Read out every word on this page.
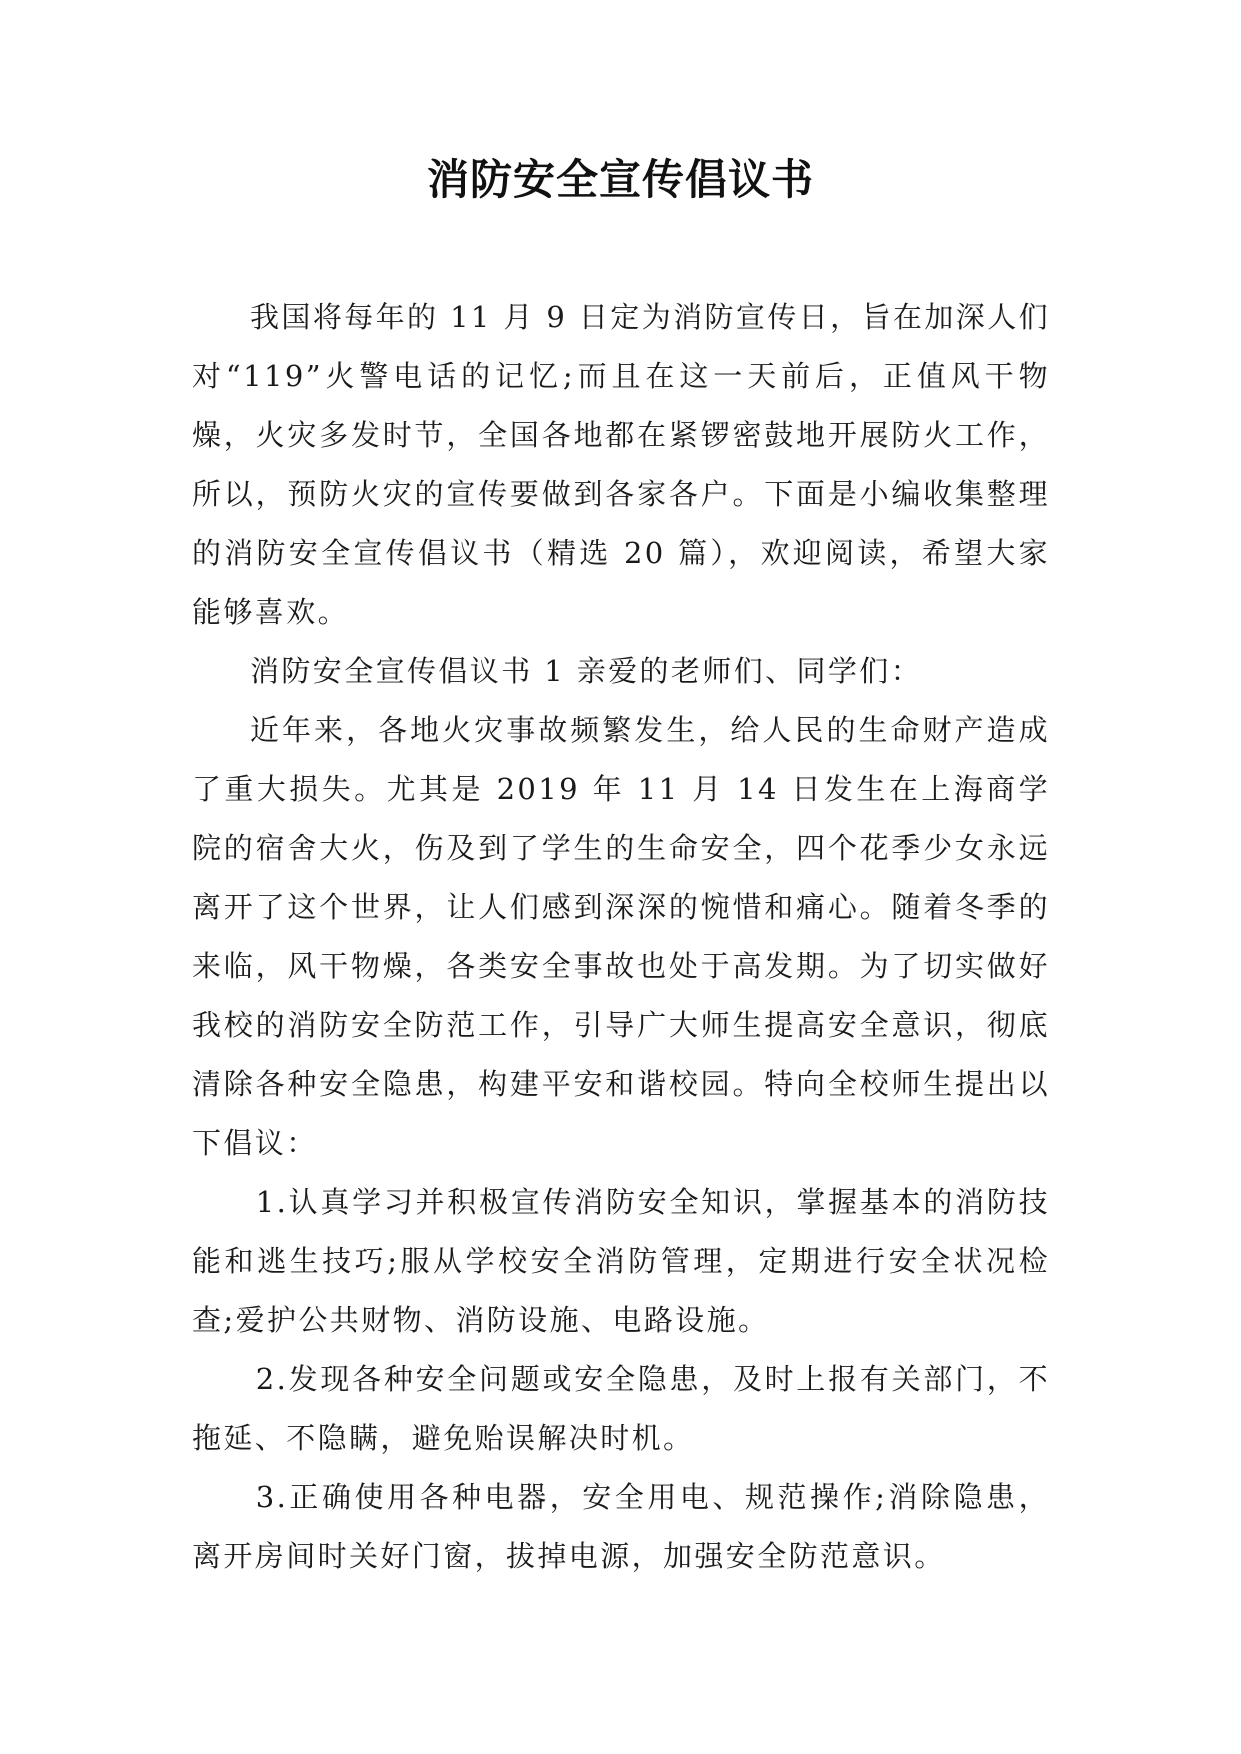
消防安全宣传倡议书

我国将每年的 11 月 9 日定为消防宣传日，旨在加深人们对“119”火警电话的记忆;而且在这一天前后，正值风干物燥，火灾多发时节，全国各地都在紧锣密鼓地开展防火工作，所以，预防火灾的宣传要做到各家各户。下面是小编收集整理的消防安全宣传倡议书（精选 20 篇），欢迎阅读，希望大家能够喜欢。

消防安全宣传倡议书 1 亲爱的老师们、同学们：

近年来，各地火灾事故频繁发生，给人民的生命财产造成了重大损失。尤其是 2019 年 11 月 14 日发生在上海商学院的宿舍大火，伤及到了学生的生命安全，四个花季少女永远离开了这个世界，让人们感到深深的惋惜和痛心。随着冬季的来临，风干物燥，各类安全事故也处于高发期。为了切实做好我校的消防安全防范工作，引导广大师生提高安全意识，彻底清除各种安全隐患，构建平安和谐校园。特向全校师生提出以下倡议：

1.认真学习并积极宣传消防安全知识，掌握基本的消防技能和逃生技巧;服从学校安全消防管理，定期进行安全状况检查;爱护公共财物、消防设施、电路设施。

2.发现各种安全问题或安全隐患，及时上报有关部门，不拖延、不隐瞒，避免贻误解决时机。

3.正确使用各种电器，安全用电、规范操作;消除隐患，离开房间时关好门窗，拔掉电源，加强安全防范意识。
